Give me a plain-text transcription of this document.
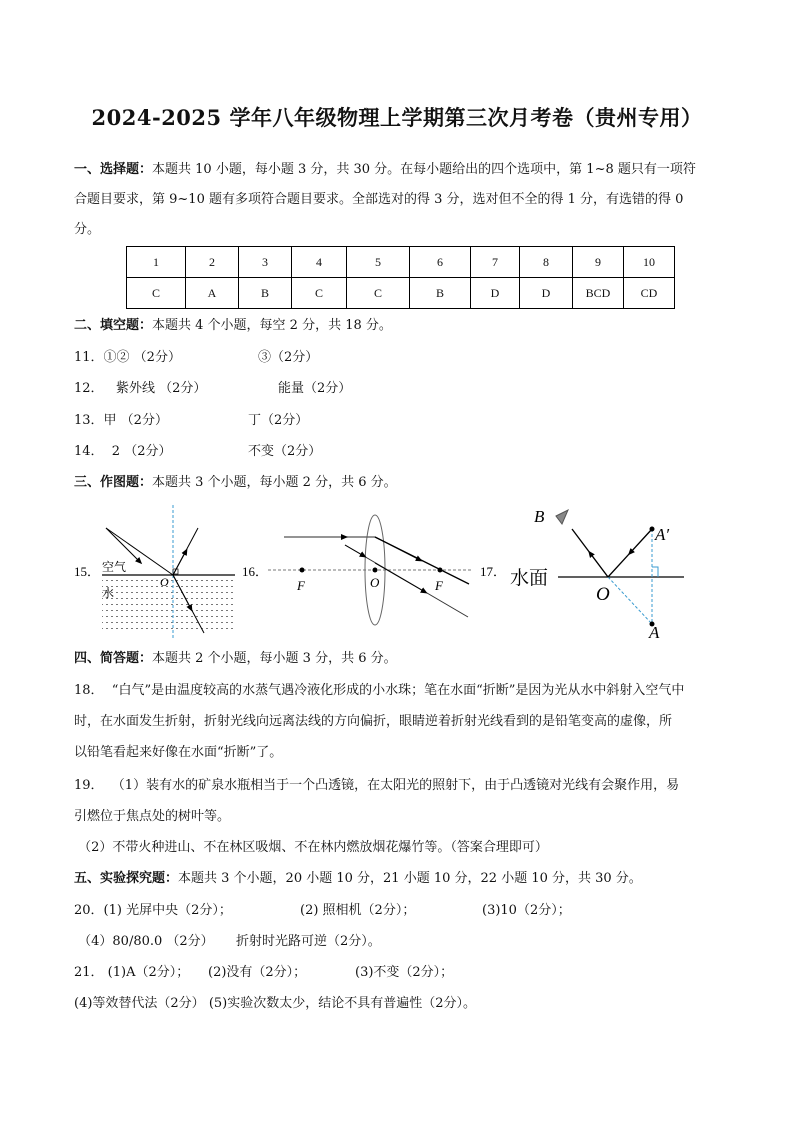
2024-2025 学年八年级物理上学期第三次月考卷（贵州专用）
一、选择题：本题共 10 小题，每小题 3 分，共 30 分。在每小题给出的四个选项中，第 1~8 题只有一项符
合题目要求，第 9~10 题有多项符合题目要求。全部选对的得 3 分，选对但不全的得 1 分，有选错的得 0
分。
1	2	3	4	5	6	7	8	9	10
C	A	B	C	C	B	D	D	BCD	CD
二、填空题：本题共 4 个小题，每空 2 分，共 18 分。
11．①② （2分）	③（2分）
12．   紫外线 （2分）	能量（2分）
13．甲 （2分）	丁（2分）
14．  2 （2分）	不变（2分）
三、作图题：本题共 3 个小题，每小题 2 分，共 6 分。
15． 空气
水
O
16．
F	O	F
17． 水面
B
A′
A
O
四、简答题：本题共 2 个小题，每小题 3 分，共 6 分。
18．  “白气”是由温度较高的水蒸气遇冷液化形成的小水珠；笔在水面“折断”是因为光从水中斜射入空气中
时，在水面发生折射，折射光线向远离法线的方向偏折，眼睛逆着折射光线看到的是铅笔变高的虚像，所
以铅笔看起来好像在水面“折断”了。
19．  （1）装有水的矿泉水瓶相当于一个凸透镜，在太阳光的照射下，由于凸透镜对光线有会聚作用，易
引燃位于焦点处的树叶等。
（2）不带火种进山、不在林区吸烟、不在林内燃放烟花爆竹等。（答案合理即可）
五、实验探究题：本题共 3 个小题，20 小题 10 分，21 小题 10 分，22 小题 10 分，共 30 分。
20．(1) 光屏中央（2分）；	(2) 照相机（2分）；	(3)10（2分）；
（4）80/80.0 （2分） 折射时光路可逆（2分）。
21． (1)A（2分）； (2)没有（2分）；	(3)不变（2分）；
(4)等效替代法（2分） (5)实验次数太少，结论不具有普遍性（2分）。
